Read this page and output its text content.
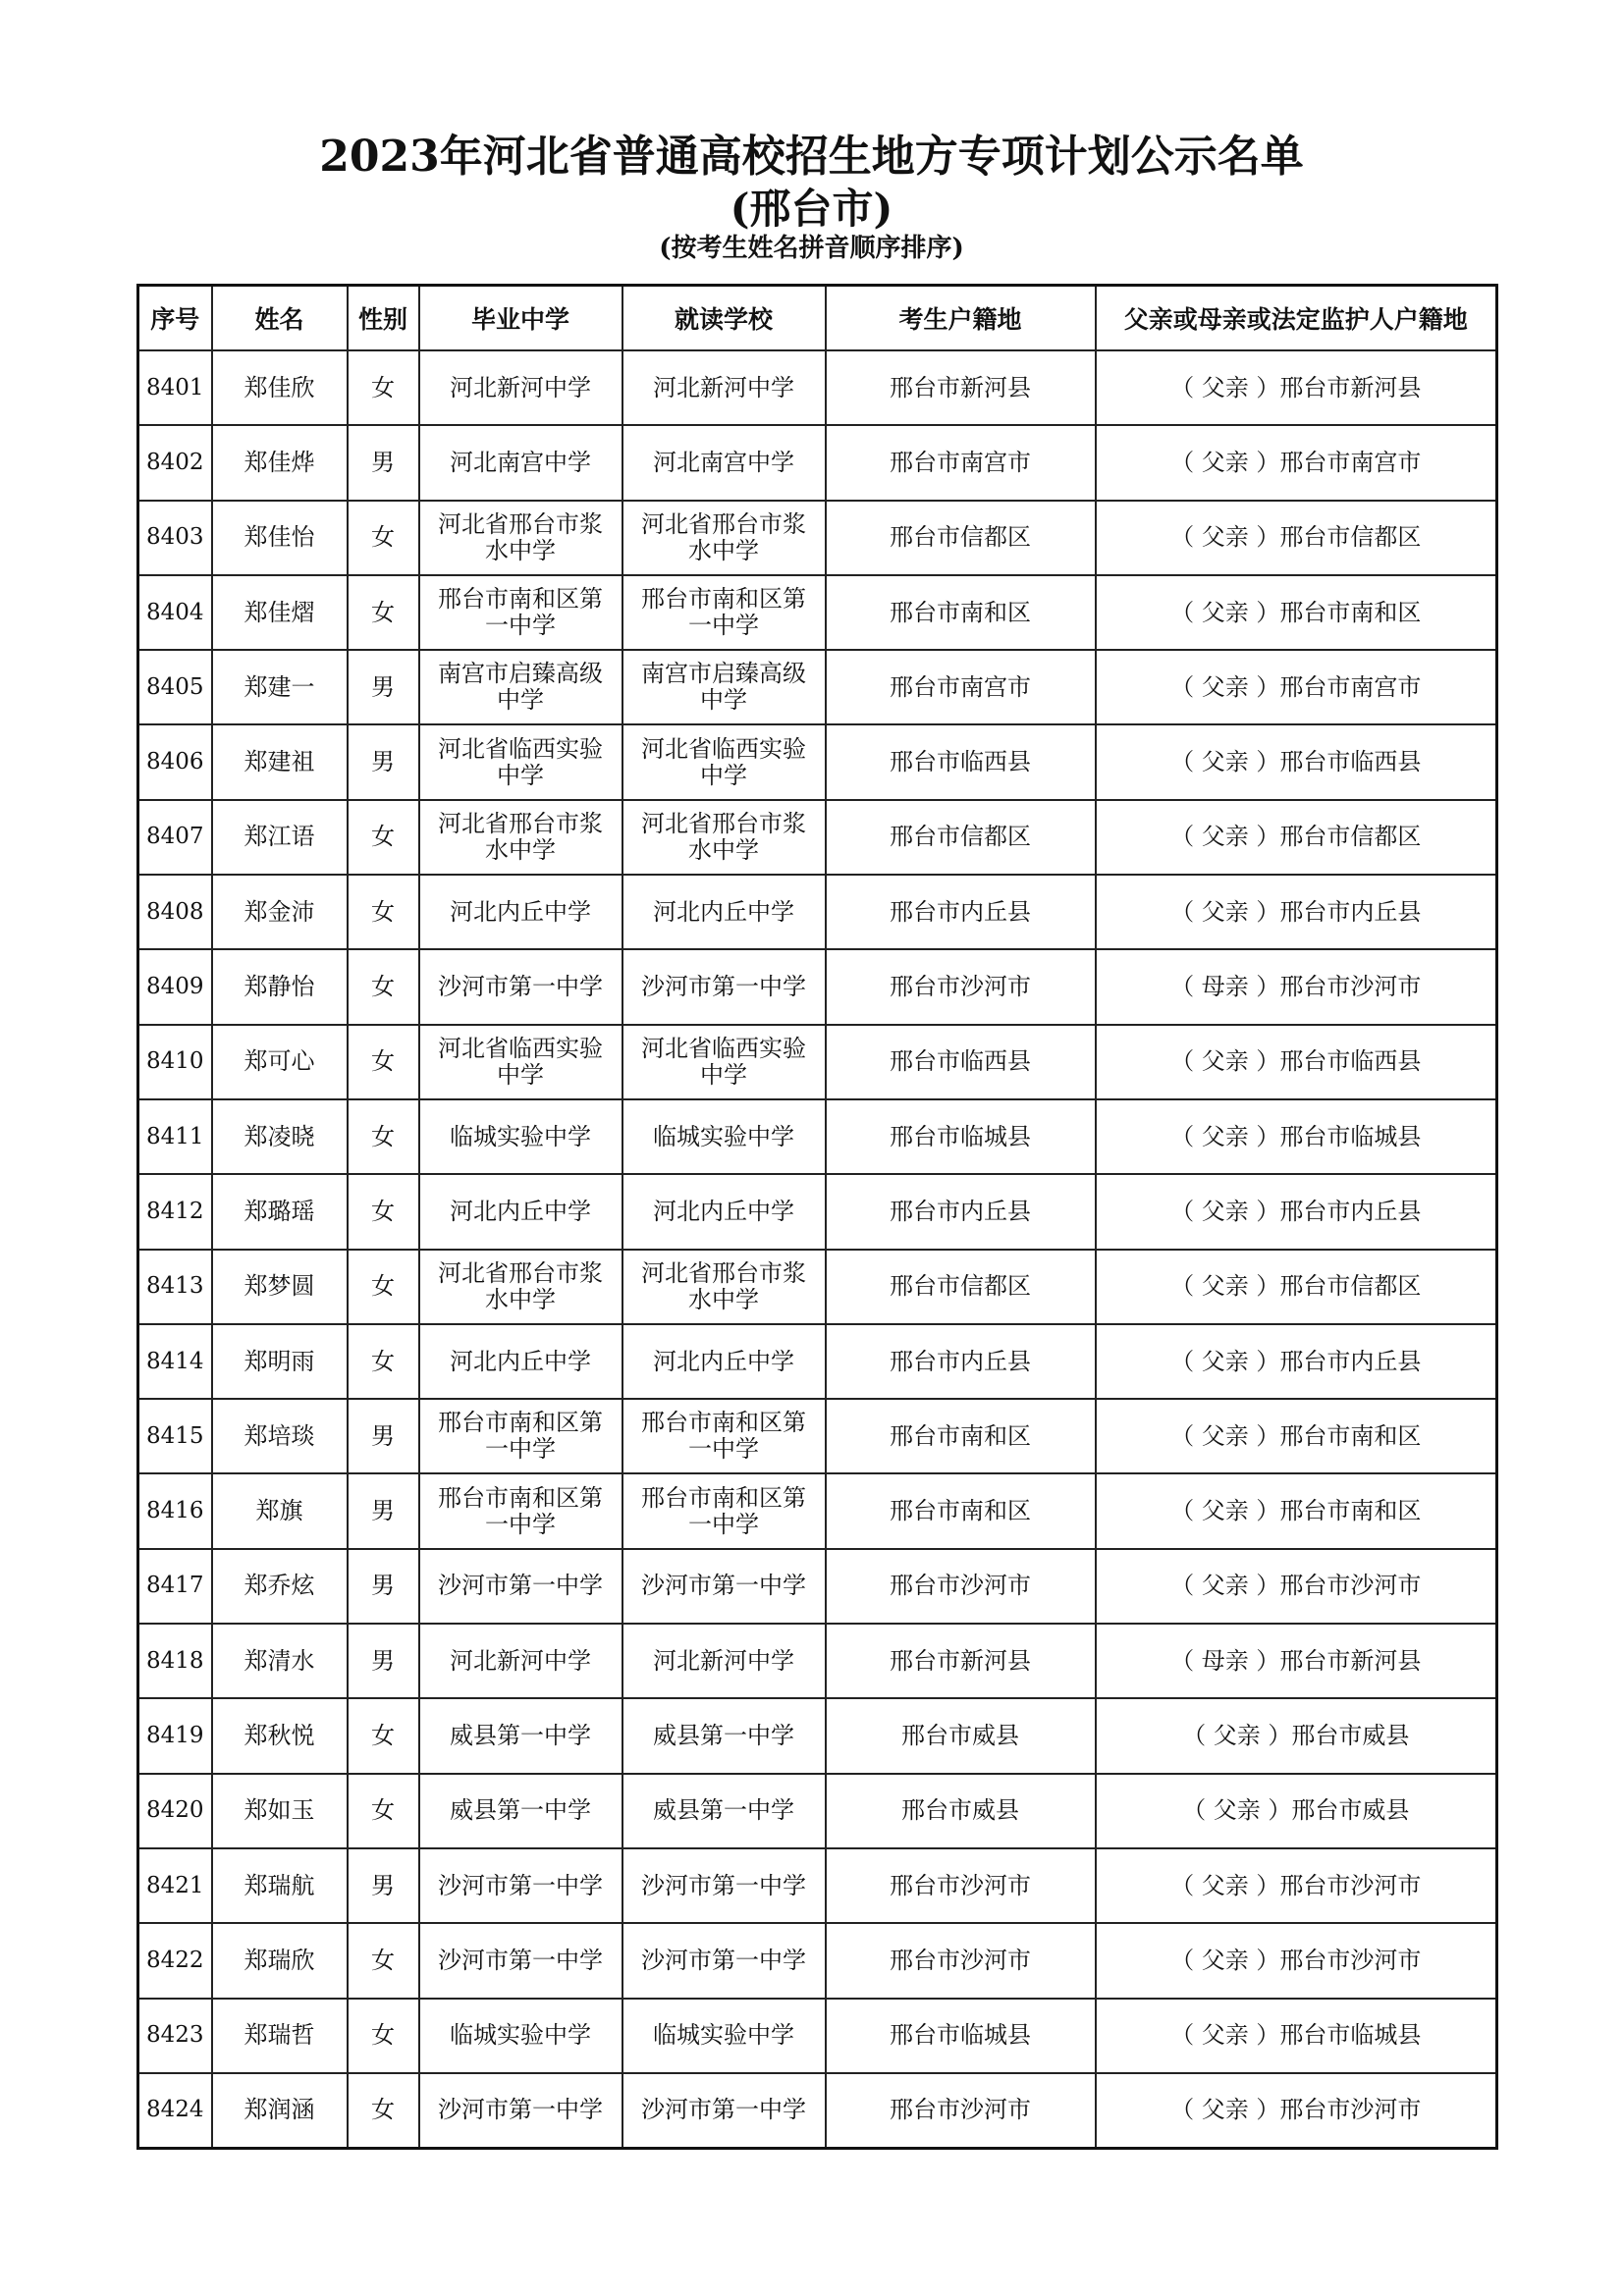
2023年河北省普通高校招生地方专项计划公示名单
(邢台市)
(按考生姓名拼音顺序排序)
序号	姓名	性别	毕业中学	就读学校	考生户籍地	父亲或母亲或法定监护人户籍地
8401	郑佳欣	女	河北新河中学	河北新河中学	邢台市新河县	（ 父亲 ）邢台市新河县
8402	郑佳烨	男	河北南宫中学	河北南宫中学	邢台市南宫市	（ 父亲 ）邢台市南宫市
8403	郑佳怡	女	河北省邢台市浆水中学	河北省邢台市浆水中学	邢台市信都区	（ 父亲 ）邢台市信都区
8404	郑佳熠	女	邢台市南和区第一中学	邢台市南和区第一中学	邢台市南和区	（ 父亲 ）邢台市南和区
8405	郑建一	男	南宫市启臻高级中学	南宫市启臻高级中学	邢台市南宫市	（ 父亲 ）邢台市南宫市
8406	郑建祖	男	河北省临西实验中学	河北省临西实验中学	邢台市临西县	（ 父亲 ）邢台市临西县
8407	郑江语	女	河北省邢台市浆水中学	河北省邢台市浆水中学	邢台市信都区	（ 父亲 ）邢台市信都区
8408	郑金沛	女	河北内丘中学	河北内丘中学	邢台市内丘县	（ 父亲 ）邢台市内丘县
8409	郑静怡	女	沙河市第一中学	沙河市第一中学	邢台市沙河市	（ 母亲 ）邢台市沙河市
8410	郑可心	女	河北省临西实验中学	河北省临西实验中学	邢台市临西县	（ 父亲 ）邢台市临西县
8411	郑凌晓	女	临城实验中学	临城实验中学	邢台市临城县	（ 父亲 ）邢台市临城县
8412	郑璐瑶	女	河北内丘中学	河北内丘中学	邢台市内丘县	（ 父亲 ）邢台市内丘县
8413	郑梦圆	女	河北省邢台市浆水中学	河北省邢台市浆水中学	邢台市信都区	（ 父亲 ）邢台市信都区
8414	郑明雨	女	河北内丘中学	河北内丘中学	邢台市内丘县	（ 父亲 ）邢台市内丘县
8415	郑培琰	男	邢台市南和区第一中学	邢台市南和区第一中学	邢台市南和区	（ 父亲 ）邢台市南和区
8416	郑旗	男	邢台市南和区第一中学	邢台市南和区第一中学	邢台市南和区	（ 父亲 ）邢台市南和区
8417	郑乔炫	男	沙河市第一中学	沙河市第一中学	邢台市沙河市	（ 父亲 ）邢台市沙河市
8418	郑清水	男	河北新河中学	河北新河中学	邢台市新河县	（ 母亲 ）邢台市新河县
8419	郑秋悦	女	威县第一中学	威县第一中学	邢台市威县	（ 父亲 ）邢台市威县
8420	郑如玉	女	威县第一中学	威县第一中学	邢台市威县	（ 父亲 ）邢台市威县
8421	郑瑞航	男	沙河市第一中学	沙河市第一中学	邢台市沙河市	（ 父亲 ）邢台市沙河市
8422	郑瑞欣	女	沙河市第一中学	沙河市第一中学	邢台市沙河市	（ 父亲 ）邢台市沙河市
8423	郑瑞哲	女	临城实验中学	临城实验中学	邢台市临城县	（ 父亲 ）邢台市临城县
8424	郑润涵	女	沙河市第一中学	沙河市第一中学	邢台市沙河市	（ 父亲 ）邢台市沙河市
